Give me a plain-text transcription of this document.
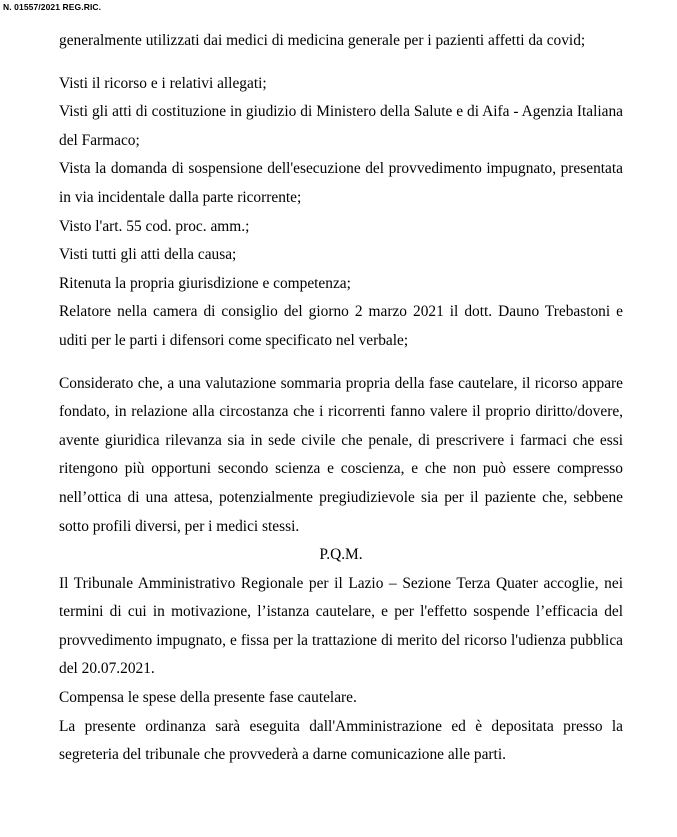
N. 01557/2021 REG.RIC.

generalmente utilizzati dai medici di medicina generale per i pazienti affetti da covid;

Visti il ricorso e i relativi allegati;

Visti gli atti di costituzione in giudizio di Ministero della Salute e di Aifa - Agenzia Italiana del Farmaco;

Vista la domanda di sospensione dell'esecuzione del provvedimento impugnato, presentata in via incidentale dalla parte ricorrente;

Visto l'art. 55 cod. proc. amm.;

Visti tutti gli atti della causa;

Ritenuta la propria giurisdizione e competenza;

Relatore nella camera di consiglio del giorno 2 marzo 2021 il dott. Dauno Trebastoni e uditi per le parti i difensori come specificato nel verbale;

Considerato che, a una valutazione sommaria propria della fase cautelare, il ricorso appare fondato, in relazione alla circostanza che i ricorrenti fanno valere il proprio diritto/dovere, avente giuridica rilevanza sia in sede civile che penale, di prescrivere i farmaci che essi ritengono più opportuni secondo scienza e coscienza, e che non può essere compresso nell’ottica di una attesa, potenzialmente pregiudizievole sia per il paziente che, sebbene sotto profili diversi, per i medici stessi.

P.Q.M.

Il Tribunale Amministrativo Regionale per il Lazio – Sezione Terza Quater accoglie, nei termini di cui in motivazione, l’istanza cautelare, e per l'effetto sospende l’efficacia del provvedimento impugnato, e fissa per la trattazione di merito del ricorso l'udienza pubblica del 20.07.2021.

Compensa le spese della presente fase cautelare.

La presente ordinanza sarà eseguita dall'Amministrazione ed è depositata presso la segreteria del tribunale che provvederà a darne comunicazione alle parti.
